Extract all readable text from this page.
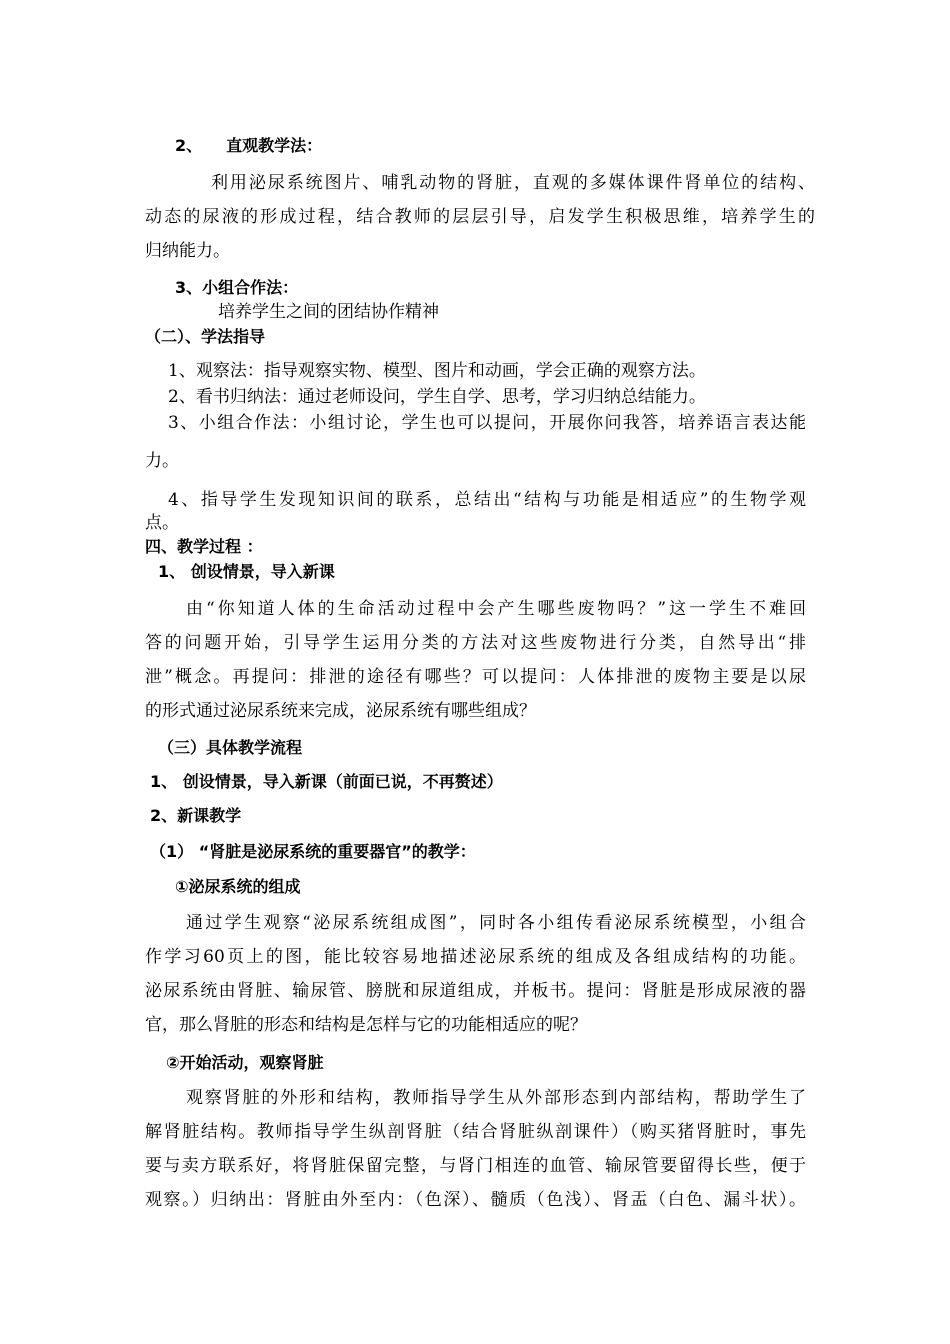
2、　　直观教学法：

利用泌尿系统图片、哺乳动物的肾脏，直观的多媒体课件肾单位的结构、

动态的尿液的形成过程，结合教师的层层引导，启发学生积极思维，培养学生的

归纳能力。

3、小组合作法：

培养学生之间的团结协作精神

（二）、学法指导

1、观察法：指导观察实物、模型、图片和动画，学会正确的观察方法。

2、看书归纳法：通过老师设问，学生自学、思考，学习归纳总结能力。

3、小组合作法：小组讨论，学生也可以提问，开展你问我答，培养语言表达能

力。

4、指导学生发现知识间的联系，总结出“结构与功能是相适应”的生物学观

点。

四、教学过程 ：

1、 创设情景，导入新课

由“你知道人体的生命活动过程中会产生哪些废物吗？”这一学生不难回

答的问题开始，引导学生运用分类的方法对这些废物进行分类，自然导出“排

泄”概念。再提问：排泄的途径有哪些？可以提问：人体排泄的废物主要是以尿

的形式通过泌尿系统来完成，泌尿系统有哪些组成？

（三）具体教学流程

1、 创设情景，导入新课（前面已说，不再赘述）

2、新课教学

（1） “肾脏是泌尿系统的重要器官”的教学：

①泌尿系统的组成

通过学生观察“泌尿系统组成图”，同时各小组传看泌尿系统模型，小组合

作学习60页上的图，能比较容易地描述泌尿系统的组成及各组成结构的功能。

泌尿系统由肾脏、输尿管、膀胱和尿道组成，并板书。提问：肾脏是形成尿液的器

官，那么肾脏的形态和结构是怎样与它的功能相适应的呢？

②开始活动，观察肾脏

观察肾脏的外形和结构，教师指导学生从外部形态到内部结构，帮助学生了

解肾脏结构。教师指导学生纵剖肾脏（结合肾脏纵剖课件）（购买猪肾脏时，事先

要与卖方联系好，将肾脏保留完整，与肾门相连的血管、输尿管要留得长些，便于

观察。）归纳出：肾脏由外至内：（色深）、髓质（色浅）、肾盂（白色、漏斗状）。
